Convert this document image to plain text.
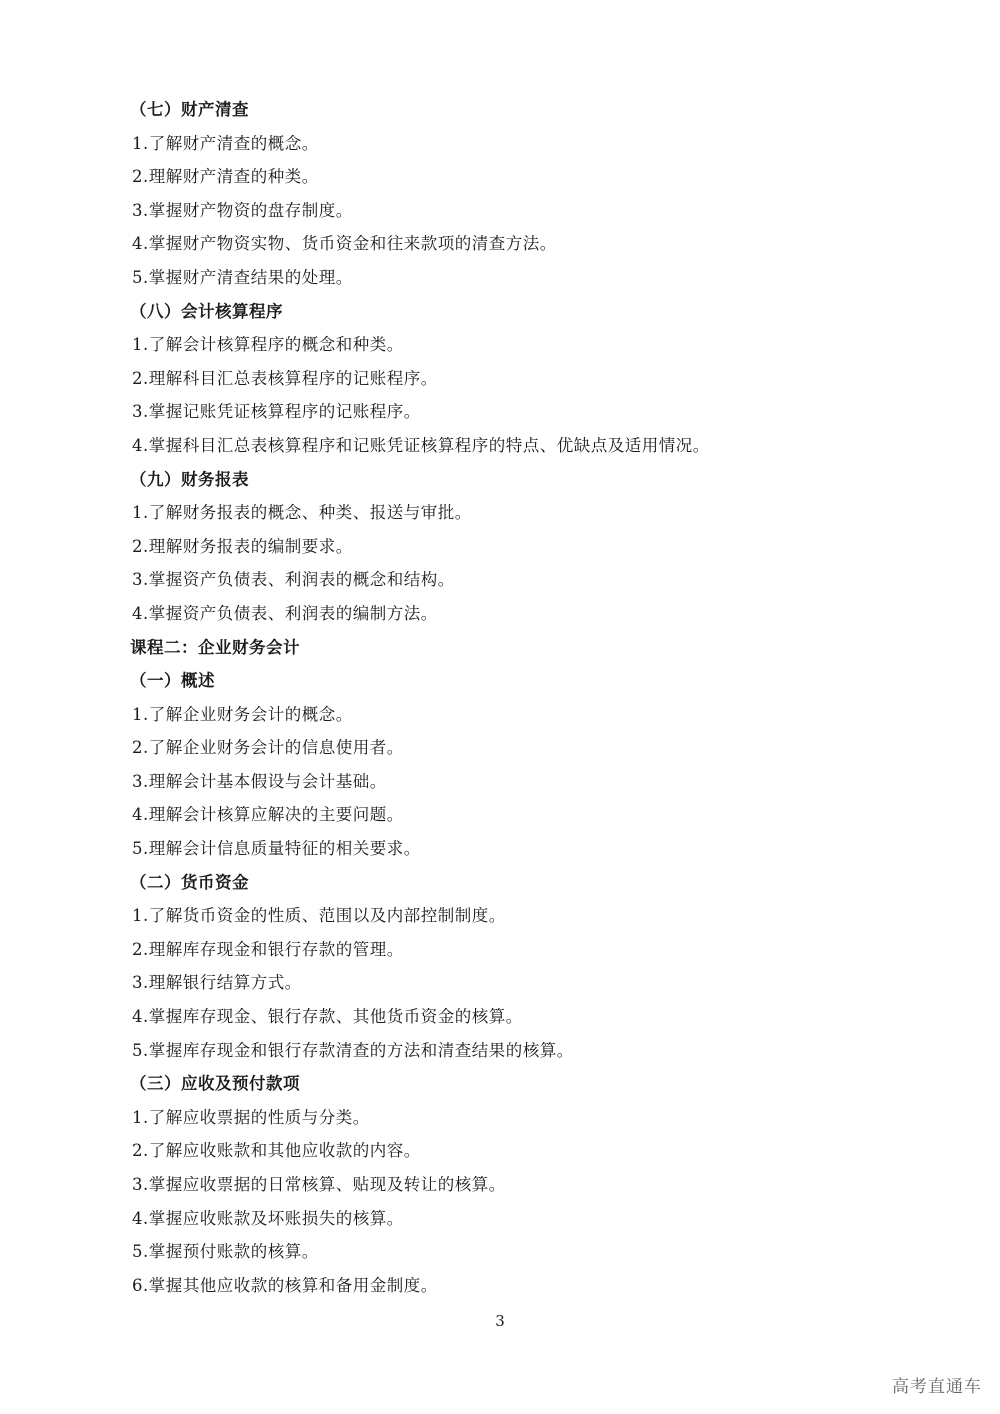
（七）财产清查
1.了解财产清查的概念。
2.理解财产清查的种类。
3.掌握财产物资的盘存制度。
4.掌握财产物资实物、货币资金和往来款项的清查方法。
5.掌握财产清查结果的处理。
（八）会计核算程序
1.了解会计核算程序的概念和种类。
2.理解科目汇总表核算程序的记账程序。
3.掌握记账凭证核算程序的记账程序。
4.掌握科目汇总表核算程序和记账凭证核算程序的特点、优缺点及适用情况。
（九）财务报表
1.了解财务报表的概念、种类、报送与审批。
2.理解财务报表的编制要求。
3.掌握资产负债表、利润表的概念和结构。
4.掌握资产负债表、利润表的编制方法。
课程二：企业财务会计
（一）概述
1.了解企业财务会计的概念。
2.了解企业财务会计的信息使用者。
3.理解会计基本假设与会计基础。
4.理解会计核算应解决的主要问题。
5.理解会计信息质量特征的相关要求。
（二）货币资金
1.了解货币资金的性质、范围以及内部控制制度。
2.理解库存现金和银行存款的管理。
3.理解银行结算方式。
4.掌握库存现金、银行存款、其他货币资金的核算。
5.掌握库存现金和银行存款清查的方法和清查结果的核算。
（三）应收及预付款项
1.了解应收票据的性质与分类。
2.了解应收账款和其他应收款的内容。
3.掌握应收票据的日常核算、贴现及转让的核算。
4.掌握应收账款及坏账损失的核算。
5.掌握预付账款的核算。
6.掌握其他应收款的核算和备用金制度。
3
高考直通车
